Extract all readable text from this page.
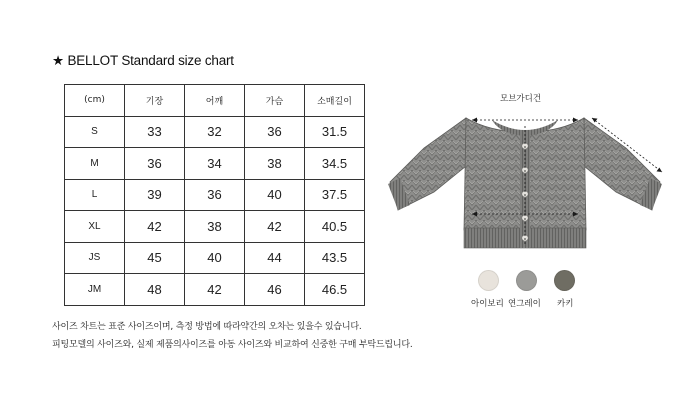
★ BELLOT Standard size chart
(cm)	기장	어깨	가슴	소매길이
S	33	32	36	31.5
M	36	34	38	34.5
L	39	36	40	37.5
XL	42	38	42	40.5
JS	45	40	44	43.5
JM	48	42	46	46.5
사이즈 차트는 표준 사이즈이며, 측정 방법에 따라약간의 오차는 있을수 있습니다.
피팅모델의 사이즈와, 실제 제품의사이즈를 아동 사이즈와 비교하여 신중한 구매 부탁드립니다.
모브가디건
아이보리 연그레이 카키
